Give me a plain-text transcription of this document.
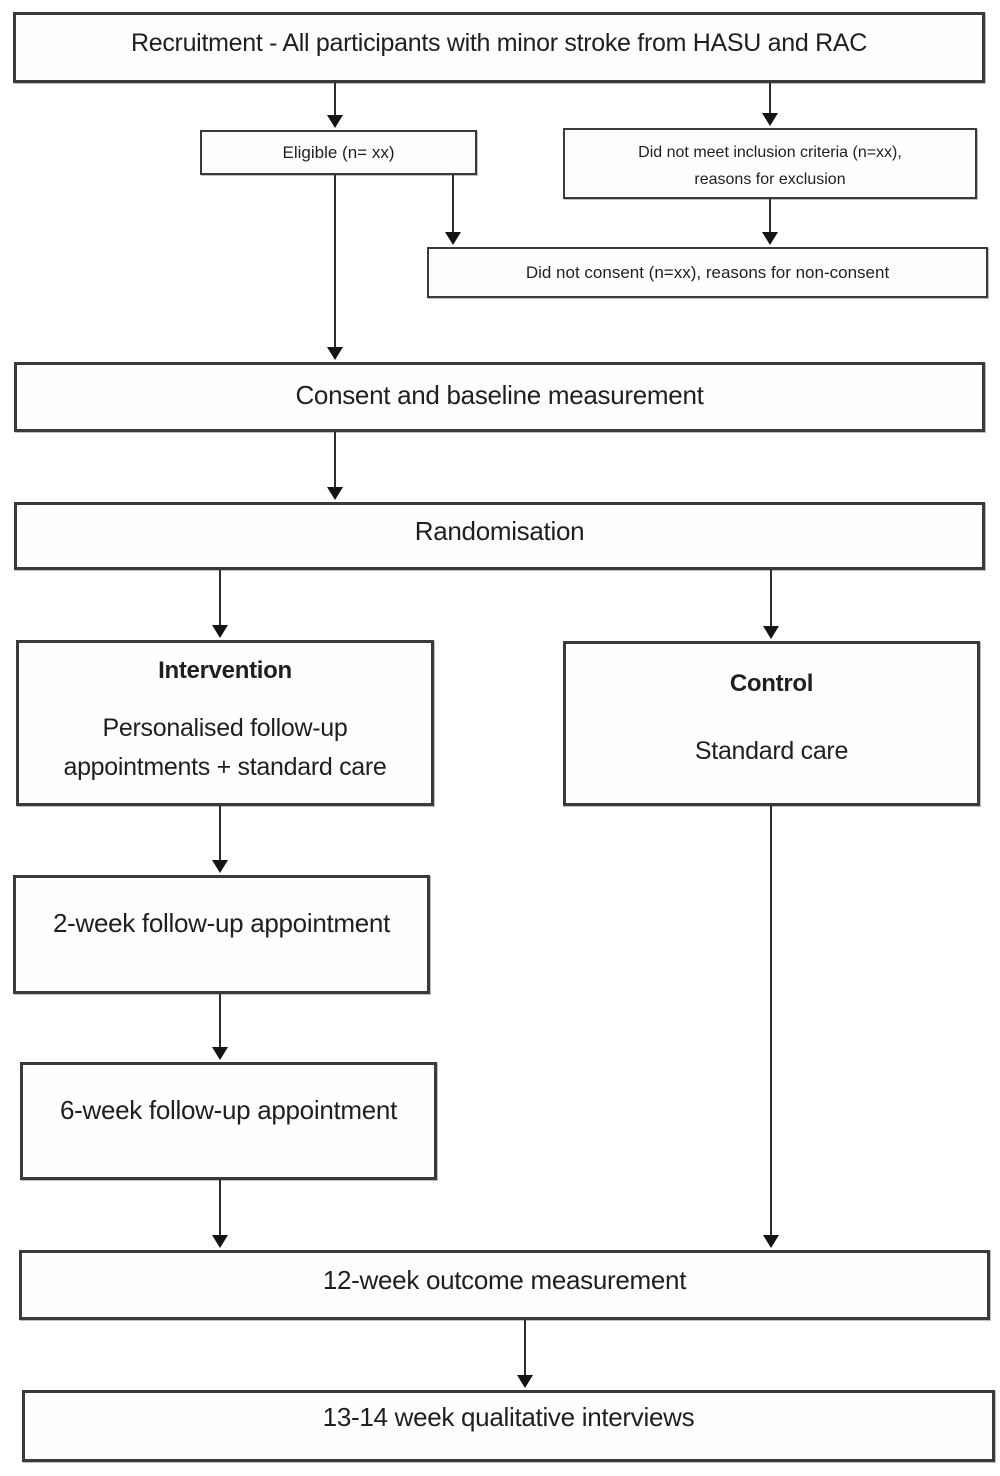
Recruitment - All participants with minor stroke from HASU and RAC
Eligible (n= xx)	Did not meet inclusion criteria (n=xx),
reasons for exclusion
Did not consent (n=xx), reasons for non-consent
Consent and baseline measurement
Randomisation
Intervention
Personalised follow-up
appointments + standard care
Control
Standard care
2-week follow-up appointment
6-week follow-up appointment
12-week outcome measurement
13-14 week qualitative interviews
